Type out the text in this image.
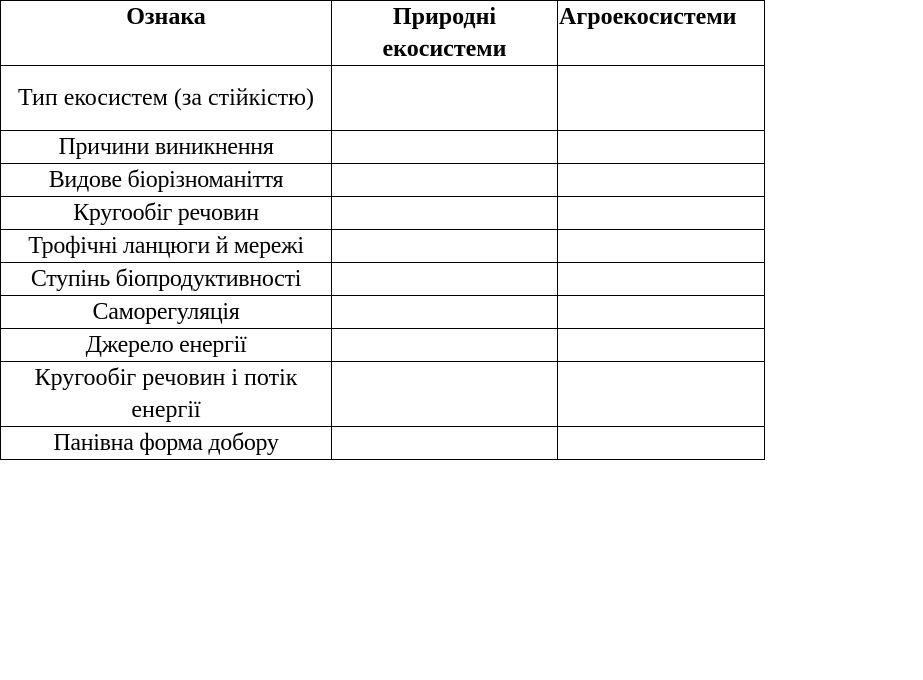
Ознака	Природні екосистеми	Агроекосистеми
Тип екосистем (за стійкістю)		
Причини виникнення		
Видове біорізноманіття		
Кругообіг речовин		
Трофічні ланцюги й мережі		
Ступінь біопродуктивності		
Саморегуляція		
Джерело енергії		
Кругообіг речовин і потік енергії		
Панівна форма добору		
